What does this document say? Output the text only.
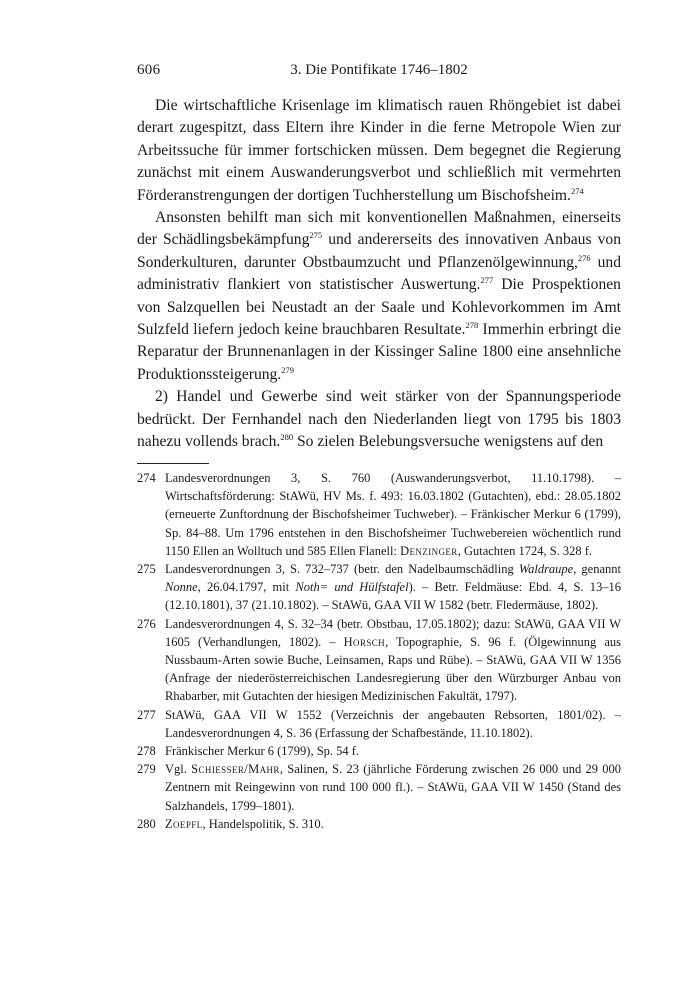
3. Die Pontifikate 1746–1802
606

Die wirtschaftliche Krisenlage im klimatisch rauen Rhöngebiet ist dabei derart zugespitzt, dass Eltern ihre Kinder in die ferne Metropole Wien zur Arbeitssuche für immer fortschicken müssen. Dem begegnet die Regierung zunächst mit einem Auswanderungsverbot und schließlich mit vermehrten Förderanstrengungen der dortigen Tuchherstellung um Bischofsheim.$^{274}$

Ansonsten behilft man sich mit konventionellen Maßnahmen, einerseits der Schädlingsbekämpfung$^{275}$ und andererseits des innovativen Anbaus von Sonderkulturen, darunter Obstbaumzucht und Pflanzenölgewinnung,$^{276}$ und administrativ flankiert von statistischer Auswertung.$^{277}$ Die Prospektionen von Salzquellen bei Neustadt an der Saale und Kohlevorkommen im Amt Sulzfeld liefern jedoch keine brauchbaren Resultate.$^{278}$ Immerhin erbringt die Reparatur der Brunnenanlagen in der Kissinger Saline 1800 eine ansehnliche Produktionssteigerung.$^{279}$

2) Handel und Gewerbe sind weit stärker von der Spannungsperiode bedrückt. Der Fernhandel nach den Niederlanden liegt von 1795 bis 1803 nahezu vollends brach.$^{280}$ So zielen Belebungsversuche wenigstens auf den

274 Landesverordnungen 3, S. 760 (Auswanderungsverbot, 11.10.1798). – Wirtschaftsförderung: StAWü, HV Ms. f. 493: 16.03.1802 (Gutachten), ebd.: 28.05.1802 (erneuerte Zunftordnung der Bischofsheimer Tuchweber). – Fränkischer Merkur 6 (1799), Sp. 84–88. Um 1796 entstehen in den Bischofsheimer Tuchwebereien wöchentlich rund 1150 Ellen an Wolltuch und 585 Ellen Flanell: Denzinger, Gutachten 1724, S. 328 f.
275 Landesverordnungen 3, S. 732–737 (betr. den Nadelbaumschädling Waldraupe, genannt Nonne, 26.04.1797, mit Noth= und Hülfstafel). – Betr. Feldmäuse: Ebd. 4, S. 13–16 (12.10.1801), 37 (21.10.1802). – StAWü, GAA VII W 1582 (betr. Fledermäuse, 1802).
276 Landesverordnungen 4, S. 32–34 (betr. Obstbau, 17.05.1802); dazu: StAWü, GAA VII W 1605 (Verhandlungen, 1802). – Horsch, Topographie, S. 96 f. (Ölgewinnung aus Nussbaum-Arten sowie Buche, Leinsamen, Raps und Rübe). – StAWü, GAA VII W 1356 (Anfrage der niederösterreichischen Landesregierung über den Würzburger Anbau von Rhabarber, mit Gutachten der hiesigen Medizinischen Fakultät, 1797).
277 StAWü, GAA VII W 1552 (Verzeichnis der angebauten Rebsorten, 1801/02). – Landesverordnungen 4, S. 36 (Erfassung der Schafbestände, 11.10.1802).
278 Fränkischer Merkur 6 (1799), Sp. 54 f.
279 Vgl. Schiesser/Mahr, Salinen, S. 23 (jährliche Förderung zwischen 26 000 und 29 000 Zentnern mit Reingewinn von rund 100 000 fl.). – StAWü, GAA VII W 1450 (Stand des Salzhandels, 1799–1801).
280 Zoepfl, Handelspolitik, S. 310.
